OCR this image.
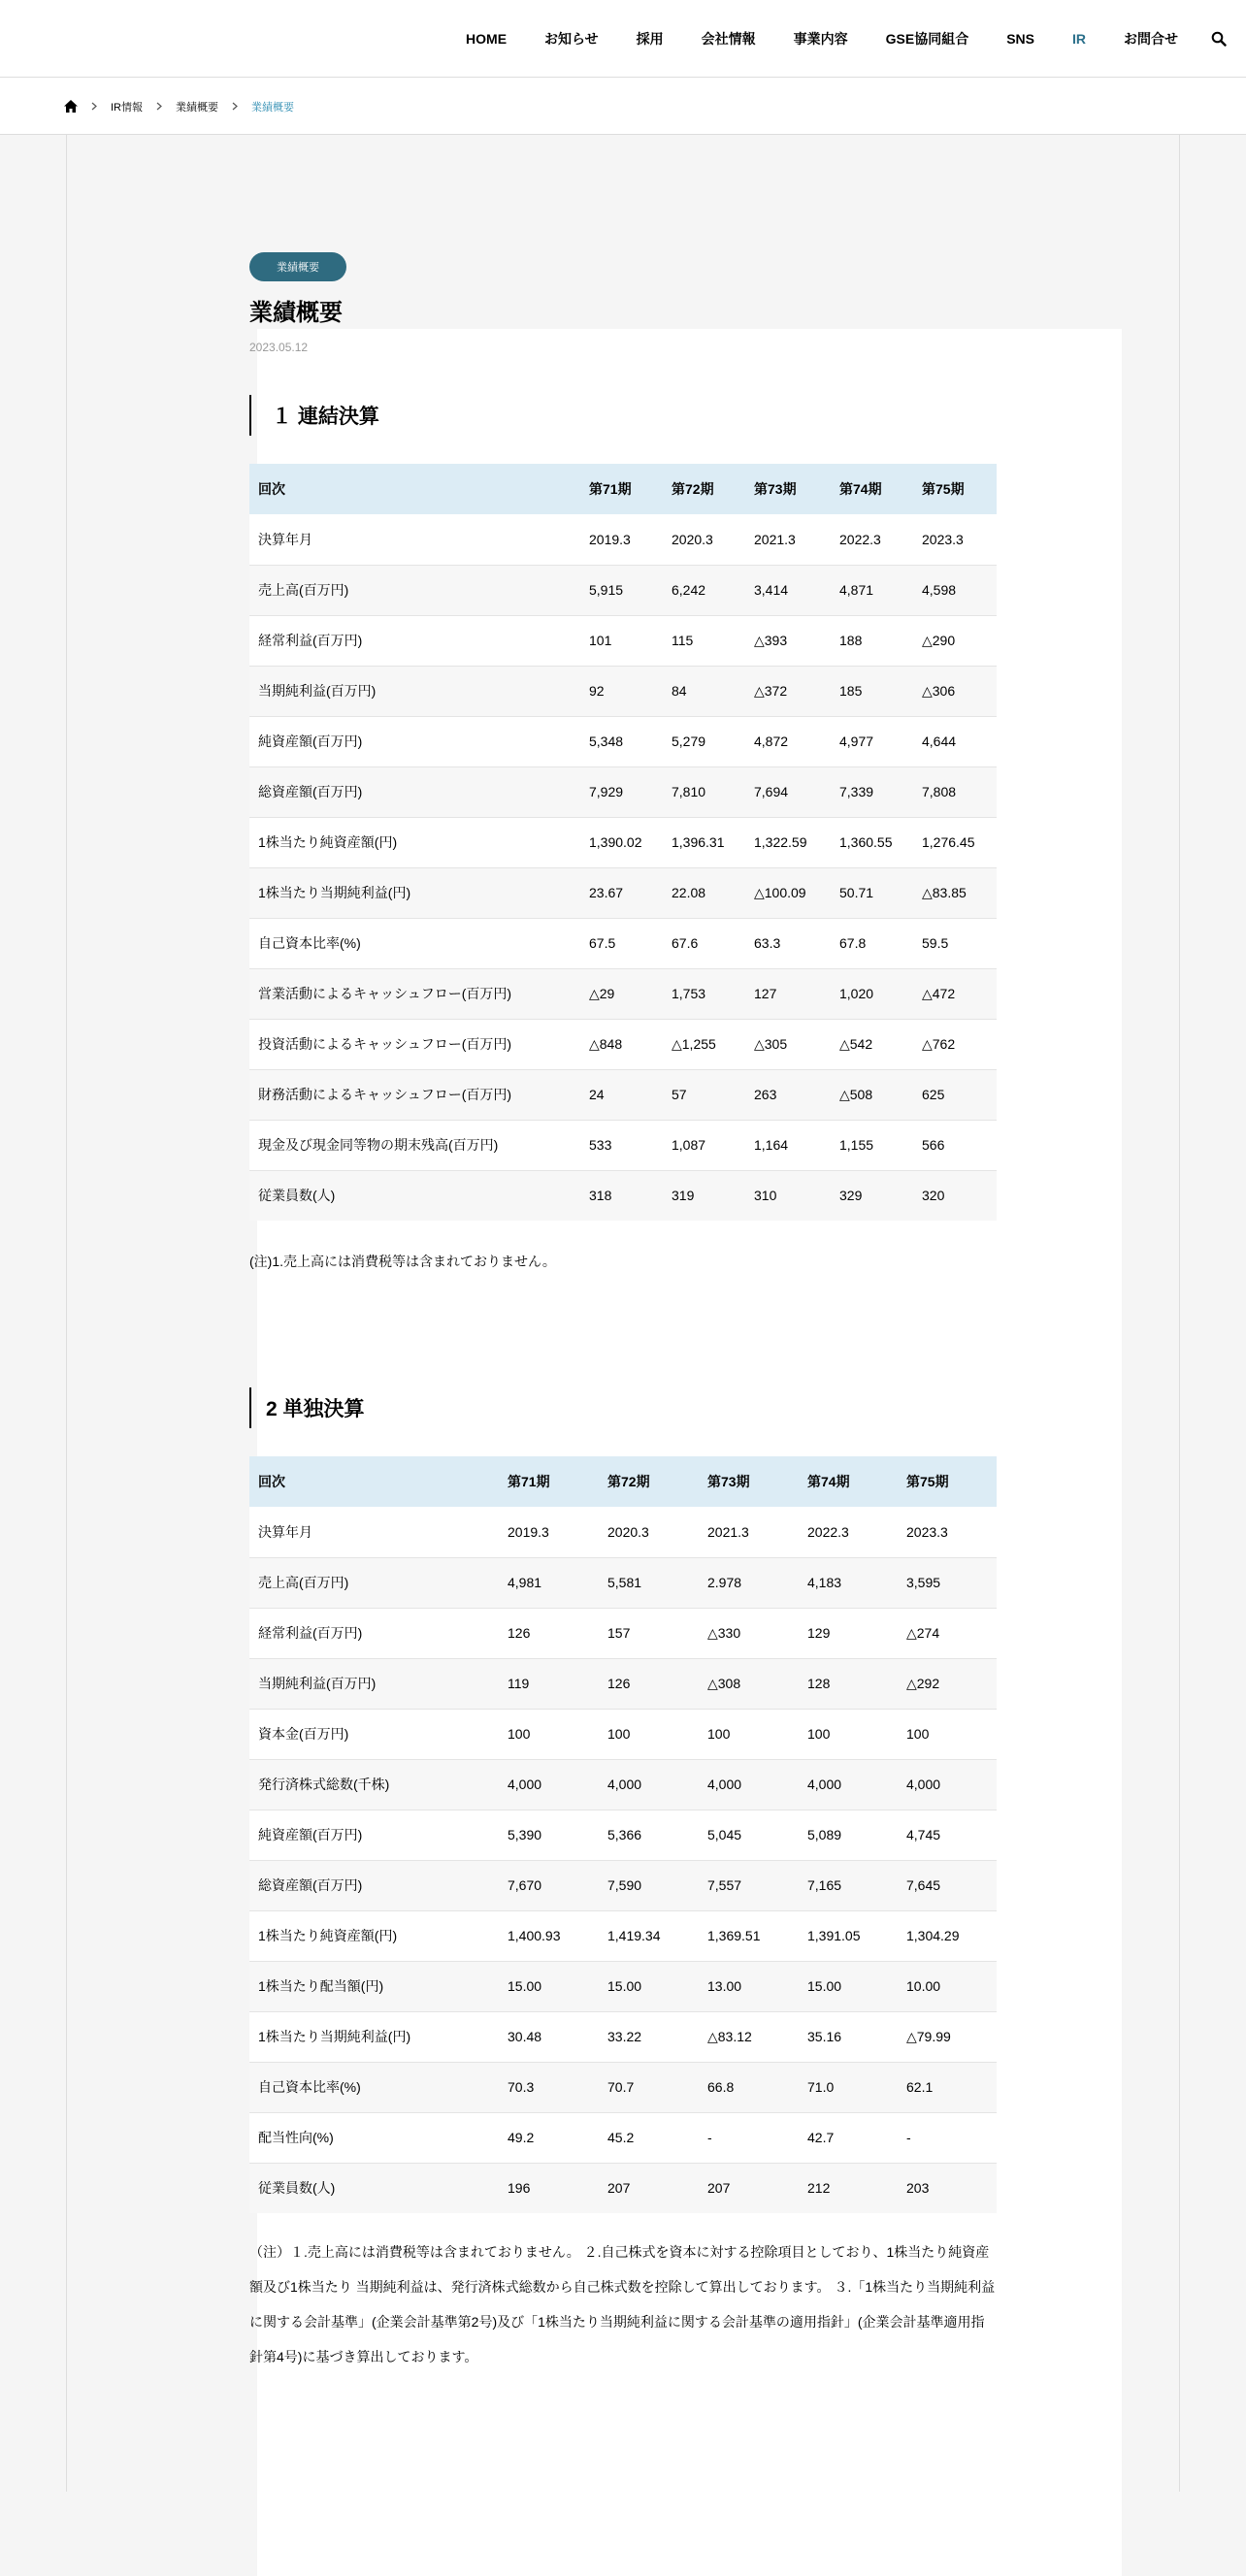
HOME	お知らせ	採用	会社情報	事業内容	GSE協同組合	SNS	IR	お問合せ
IR情報	業績概要	業績概要
業績概要
業績概要
2023.05.12
１ 連結決算
回次	第71期	第72期	第73期	第74期	第75期
決算年月	2019.3	2020.3	2021.3	2022.3	2023.3
売上高(百万円)	5,915	6,242	3,414	4,871	4,598
経常利益(百万円)	101	115	△393	188	△290
当期純利益(百万円)	92	84	△372	185	△306
純資産額(百万円)	5,348	5,279	4,872	4,977	4,644
総資産額(百万円)	7,929	7,810	7,694	7,339	7,808
1株当たり純資産額(円)	1,390.02	1,396.31	1,322.59	1,360.55	1,276.45
1株当たり当期純利益(円)	23.67	22.08	△100.09	50.71	△83.85
自己資本比率(%)	67.5	67.6	63.3	67.8	59.5
営業活動によるキャッシュフロー(百万円)	△29	1,753	127	1,020	△472
投資活動によるキャッシュフロー(百万円)	△848	△1,255	△305	△542	△762
財務活動によるキャッシュフロー(百万円)	24	57	263	△508	625
現金及び現金同等物の期末残高(百万円)	533	1,087	1,164	1,155	566
従業員数(人)	318	319	310	329	320

(注)1.売上高には消費税等は含まれておりません。

2 単独決算
回次	第71期	第72期	第73期	第74期	第75期
決算年月	2019.3	2020.3	2021.3	2022.3	2023.3
売上高(百万円)	4,981	5,581	2.978	4,183	3,595
経常利益(百万円)	126	157	△330	129	△274
当期純利益(百万円)	119	126	△308	128	△292
資本金(百万円)	100	100	100	100	100
発行済株式総数(千株)	4,000	4,000	4,000	4,000	4,000
純資産額(百万円)	5,390	5,366	5,045	5,089	4,745
総資産額(百万円)	7,670	7,590	7,557	7,165	7,645
1株当たり純資産額(円)	1,400.93	1,419.34	1,369.51	1,391.05	1,304.29
1株当たり配当額(円)	15.00	15.00	13.00	15.00	10.00
1株当たり当期純利益(円)	30.48	33.22	△83.12	35.16	△79.99
自己資本比率(%)	70.3	70.7	66.8	71.0	62.1
配当性向(%)	49.2	45.2	-	42.7	-
従業員数(人)	196	207	207	212	203

（注）１.売上高には消費税等は含まれておりません。 ２.自己株式を資本に対する控除項目としており、1株当たり純資産額及び1株当たり 当期純利益は、発行済株式総数から自己株式数を控除して算出しております。 ３.「1株当たり当期純利益に関する会計基準」(企業会計基準第2号)及び「1株当たり当期純利益に関する会計基準の適用指針」(企業会計基準適用指針第4号)に基づき算出しております。
